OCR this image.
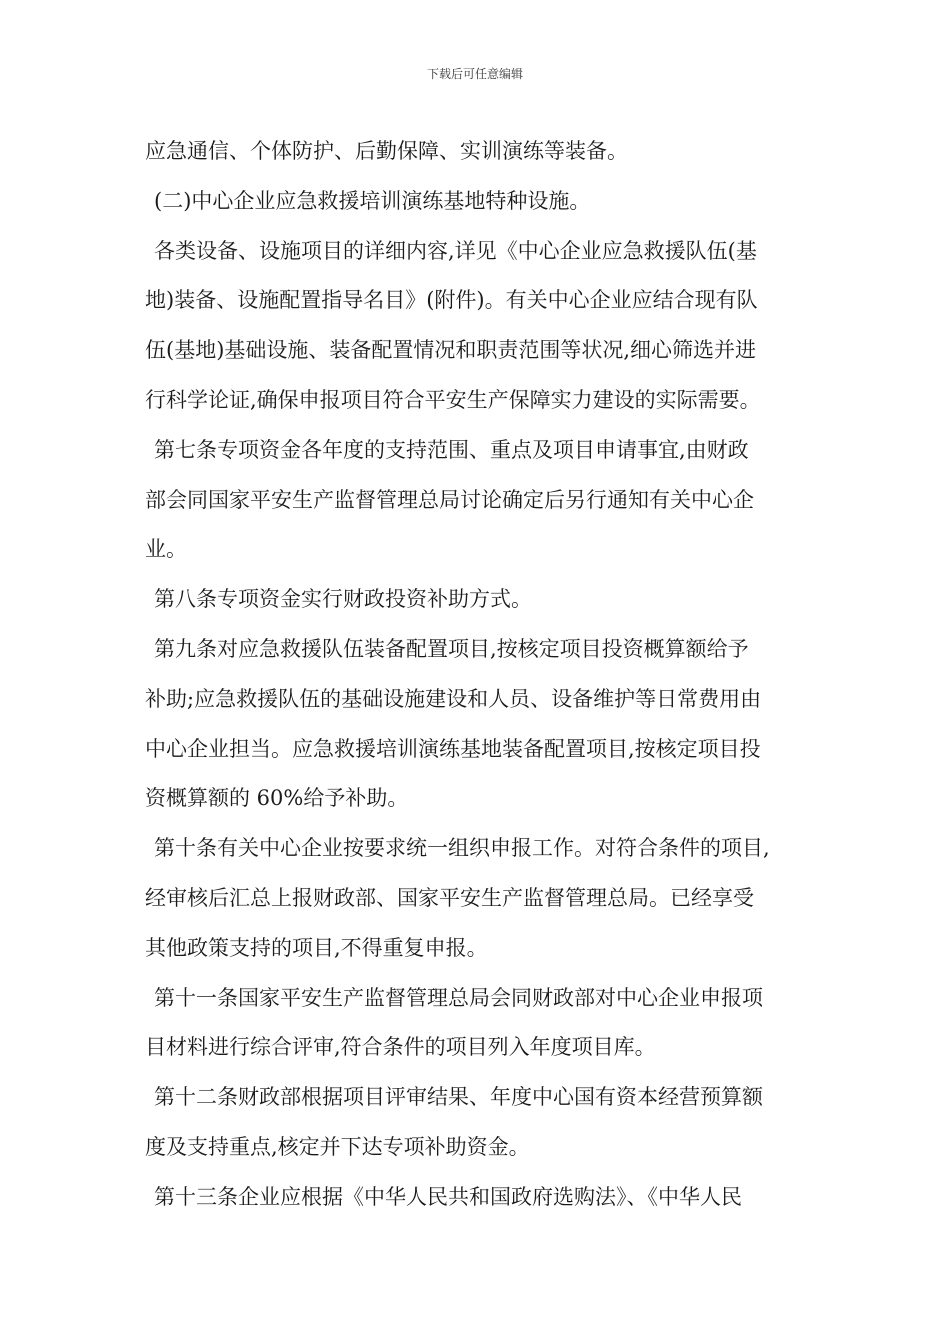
下载后可任意编辑
应急通信、个体防护、后勤保障、实训演练等装备。
(二)中心企业应急救援培训演练基地特种设施。
各类设备、设施项目的详细内容,详见《中心企业应急救援队伍(基
地)装备、设施配置指导名目》(附件)。有关中心企业应结合现有队
伍(基地)基础设施、装备配置情况和职责范围等状况,细心筛选并进
行科学论证,确保申报项目符合平安生产保障实力建设的实际需要。
第七条专项资金各年度的支持范围、重点及项目申请事宜,由财政
部会同国家平安生产监督管理总局讨论确定后另行通知有关中心企
业。
第八条专项资金实行财政投资补助方式。
第九条对应急救援队伍装备配置项目,按核定项目投资概算额给予
补助;应急救援队伍的基础设施建设和人员、设备维护等日常费用由
中心企业担当。应急救援培训演练基地装备配置项目,按核定项目投
资概算额的 60%给予补助。
第十条有关中心企业按要求统一组织申报工作。对符合条件的项目,
经审核后汇总上报财政部、国家平安生产监督管理总局。已经享受
其他政策支持的项目,不得重复申报。
第十一条国家平安生产监督管理总局会同财政部对中心企业申报项
目材料进行综合评审,符合条件的项目列入年度项目库。
第十二条财政部根据项目评审结果、年度中心国有资本经营预算额
度及支持重点,核定并下达专项补助资金。
第十三条企业应根据《中华人民共和国政府选购法》、《中华人民
